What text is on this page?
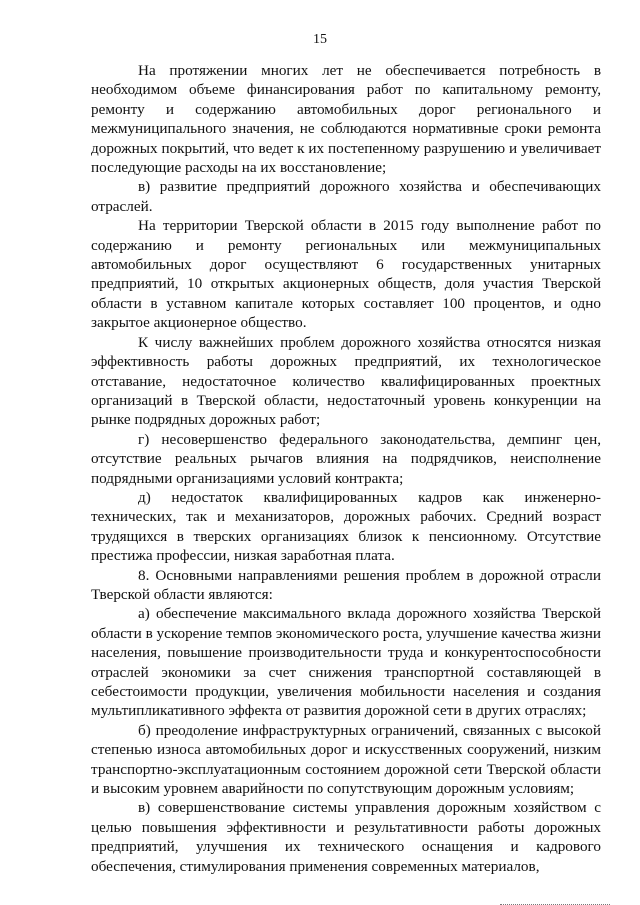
15

На протяжении многих лет не обеспечивается потребность в необходимом объеме финансирования работ по капитальному ремонту, ремонту и содержанию автомобильных дорог регионального и межмуниципального значения, не соблюдаются нормативные сроки ремонта дорожных покрытий, что ведет к их постепенному разрушению и увеличивает последующие расходы на их восстановление;

в) развитие предприятий дорожного хозяйства и обеспечивающих отраслей.

На территории Тверской области в 2015 году выполнение работ по содержанию и ремонту региональных или межмуниципальных автомобильных дорог осуществляют 6 государственных унитарных предприятий, 10 открытых акционерных обществ, доля участия Тверской области в уставном капитале которых составляет 100 процентов, и одно закрытое акционерное общество.

К числу важнейших проблем дорожного хозяйства относятся низкая эффективность работы дорожных предприятий, их технологическое отставание, недостаточное количество квалифицированных проектных организаций в Тверской области, недостаточный уровень конкуренции на рынке подрядных дорожных работ;

г) несовершенство федерального законодательства, демпинг цен, отсутствие реальных рычагов влияния на подрядчиков, неисполнение подрядными организациями условий контракта;

д) недостаток квалифицированных кадров как инженерно-технических, так и механизаторов, дорожных рабочих. Средний возраст трудящихся в тверских организациях близок к пенсионному. Отсутствие престижа профессии, низкая заработная плата.

8. Основными направлениями решения проблем в дорожной отрасли Тверской области являются:

а) обеспечение максимального вклада дорожного хозяйства Тверской области в ускорение темпов экономического роста, улучшение качества жизни населения, повышение производительности труда и конкурентоспособности отраслей экономики за счет снижения транспортной составляющей в себестоимости продукции, увеличения мобильности населения и создания мультипликативного эффекта от развития дорожной сети в других отраслях;

б) преодоление инфраструктурных ограничений, связанных с высокой степенью износа автомобильных дорог и искусственных сооружений, низким транспортно-эксплуатационным состоянием дорожной сети Тверской области и высоким уровнем аварийности по сопутствующим дорожным условиям;

в) совершенствование системы управления дорожным хозяйством с целью повышения эффективности и результативности работы дорожных предприятий, улучшения их технического оснащения и кадрового обеспечения, стимулирования применения современных материалов,
